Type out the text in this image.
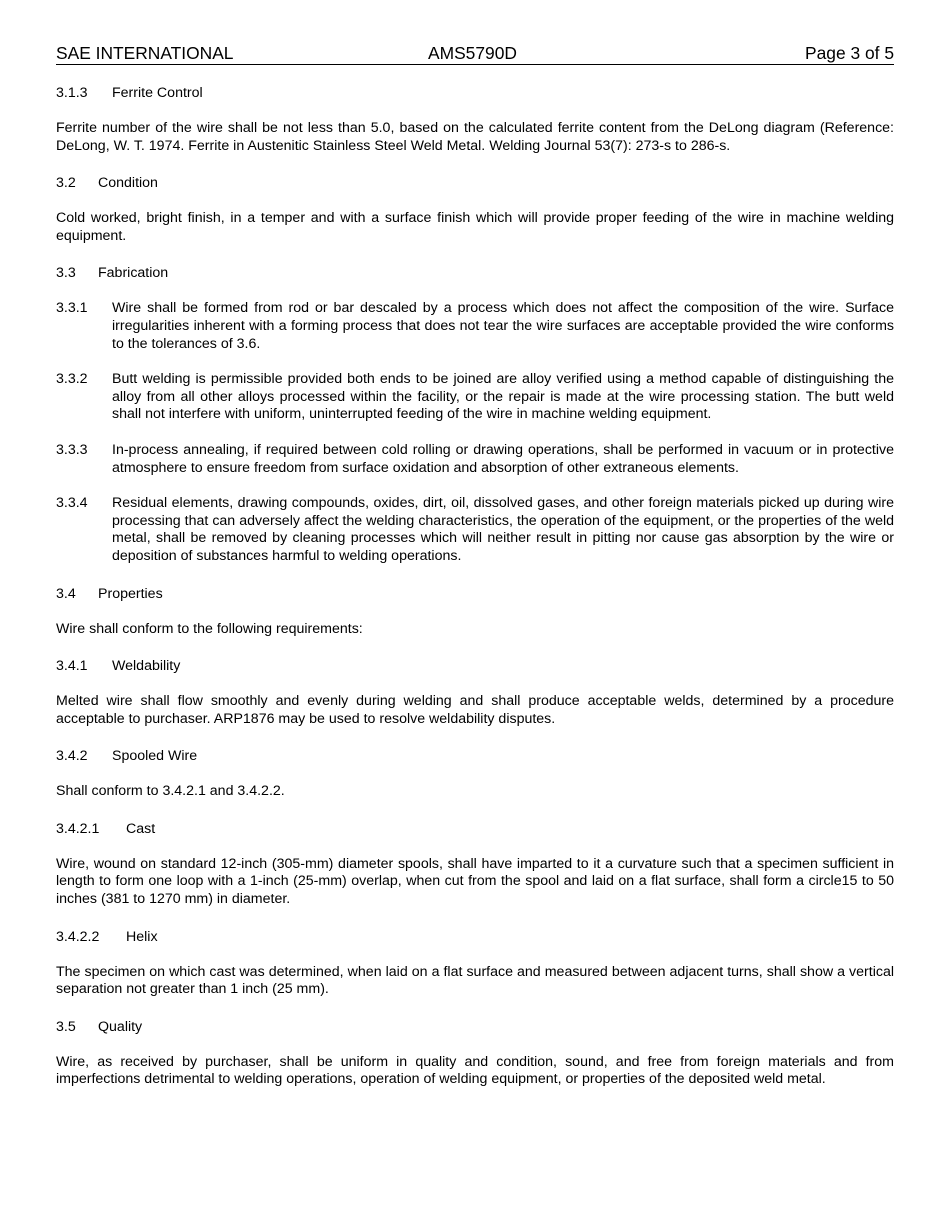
SAE INTERNATIONAL	AMS5790D	Page 3 of 5
3.1.3 Ferrite Control
Ferrite number of the wire shall be not less than 5.0, based on the calculated ferrite content from the DeLong diagram (Reference: DeLong, W. T. 1974. Ferrite in Austenitic Stainless Steel Weld Metal. Welding Journal 53(7): 273-s to 286-s.
3.2 Condition
Cold worked, bright finish, in a temper and with a surface finish which will provide proper feeding of the wire in machine welding equipment.
3.3 Fabrication
3.3.1 Wire shall be formed from rod or bar descaled by a process which does not affect the composition of the wire. Surface irregularities inherent with a forming process that does not tear the wire surfaces are acceptable provided the wire conforms to the tolerances of 3.6.
3.3.2 Butt welding is permissible provided both ends to be joined are alloy verified using a method capable of distinguishing the alloy from all other alloys processed within the facility, or the repair is made at the wire processing station. The butt weld shall not interfere with uniform, uninterrupted feeding of the wire in machine welding equipment.
3.3.3 In-process annealing, if required between cold rolling or drawing operations, shall be performed in vacuum or in protective atmosphere to ensure freedom from surface oxidation and absorption of other extraneous elements.
3.3.4 Residual elements, drawing compounds, oxides, dirt, oil, dissolved gases, and other foreign materials picked up during wire processing that can adversely affect the welding characteristics, the operation of the equipment, or the properties of the weld metal, shall be removed by cleaning processes which will neither result in pitting nor cause gas absorption by the wire or deposition of substances harmful to welding operations.
3.4 Properties
Wire shall conform to the following requirements:
3.4.1 Weldability
Melted wire shall flow smoothly and evenly during welding and shall produce acceptable welds, determined by a procedure acceptable to purchaser. ARP1876 may be used to resolve weldability disputes.
3.4.2 Spooled Wire
Shall conform to 3.4.2.1 and 3.4.2.2.
3.4.2.1 Cast
Wire, wound on standard 12-inch (305-mm) diameter spools, shall have imparted to it a curvature such that a specimen sufficient in length to form one loop with a 1-inch (25-mm) overlap, when cut from the spool and laid on a flat surface, shall form a circle15 to 50 inches (381 to 1270 mm) in diameter.
3.4.2.2 Helix
The specimen on which cast was determined, when laid on a flat surface and measured between adjacent turns, shall show a vertical separation not greater than 1 inch (25 mm).
3.5 Quality
Wire, as received by purchaser, shall be uniform in quality and condition, sound, and free from foreign materials and from imperfections detrimental to welding operations, operation of welding equipment, or properties of the deposited weld metal.
